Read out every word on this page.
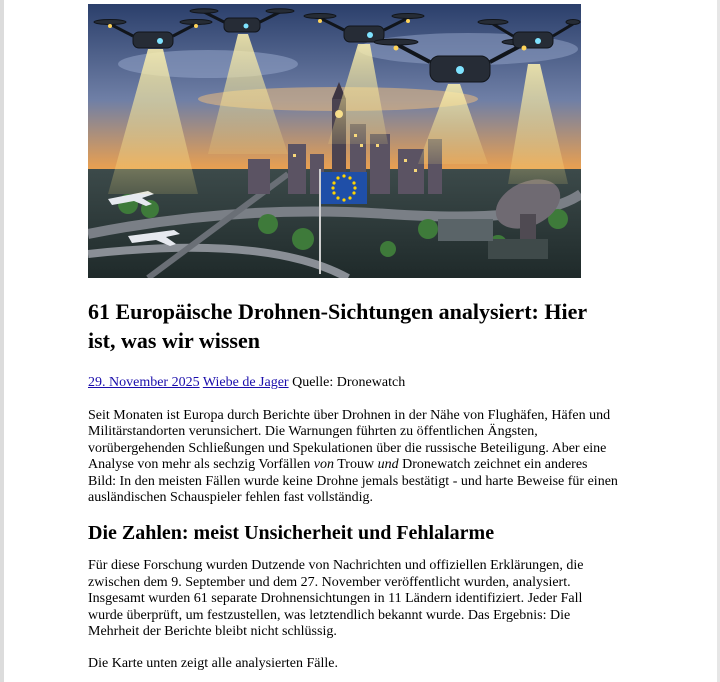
61 Europäische Drohnen-Sichtungen analysiert: Hier ist, was wir wissen
29. November 2025 Wiebe de Jager Quelle: Dronewatch

Seit Monaten ist Europa durch Berichte über Drohnen in der Nähe von Flughäfen, Häfen und Militärstandorten verunsichert. Die Warnungen führten zu öffentlichen Ängsten, vorübergehenden Schließungen und Spekulationen über die russische Beteiligung. Aber eine Analyse von mehr als sechzig Vorfällen von Trouw und Dronewatch zeichnet ein anderes Bild: In den meisten Fällen wurde keine Drohne jemals bestätigt - und harte Beweise für einen ausländischen Schauspieler fehlen fast vollständig.

Die Zahlen: meist Unsicherheit und Fehlalarme

Für diese Forschung wurden Dutzende von Nachrichten und offiziellen Erklärungen, die zwischen dem 9. September und dem 27. November veröffentlicht wurden, analysiert. Insgesamt wurden 61 separate Drohnensichtungen in 11 Ländern identifiziert. Jeder Fall wurde überprüft, um festzustellen, was letztendlich bekannt wurde. Das Ergebnis: Die Mehrheit der Berichte bleibt nicht schlüssig.

Die Karte unten zeigt alle analysierten Fälle.
